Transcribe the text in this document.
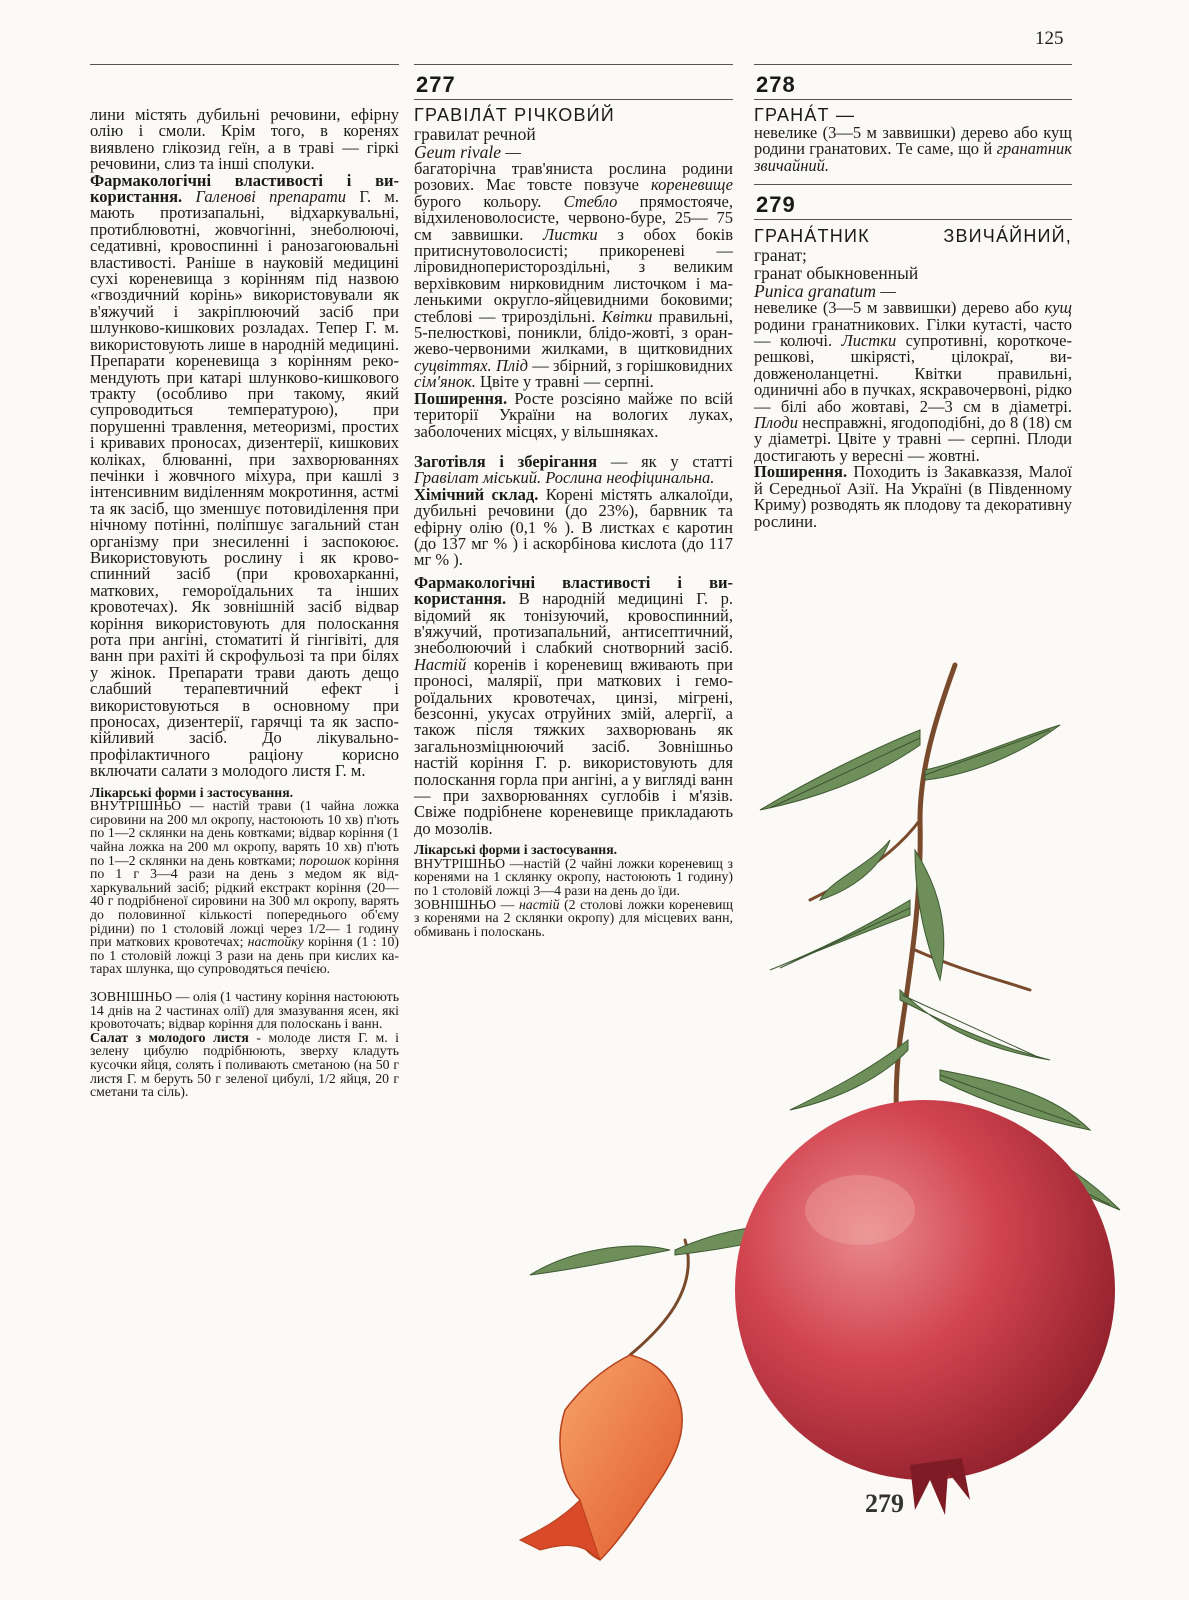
125

лини містять дубильні речовини, ефірну олію і смоли. Крім того, в коренях виявлено глікозид геїн, а в траві — гіркі речовини, слиз та інші сполуки.

Фармакологічні властивості і використання. Галенові препарати Г. м. мають протизапальні, відхаркувальні, протиблювотні, жовчогінні, знеболюючі, седативні, кровоспинні і ранозагоювальні властивості. Раніше в науковій медицині сухі кореневища з корінням під назвою «гвоздичний корінь» використовували як в'яжучий і закріплюючий засіб при шлунково-кишкових розладах. Тепер Г. м. використовують лише в народній медицині. Препарати кореневища з корінням рекомендують при катарі шлунково-кишкового тракту (особливо при такому, який супроводиться температурою), при порушенні травлення, метеоризмі, простих і кривавих проносах, дизентерії, кишкових коліках, блюванні, при захворюваннях печінки і жовчного міхура, при кашлі з інтенсивним виділенням мокротиння, астмі та як засіб, що зменшує потовиділення при нічному потінні, поліпшує загальний стан організму при знесиленні і заспокоює. Використовують рослину і як кровоспинний засіб (при кровохарканні, маткових, гемороїдальних та інших кровотечах). Як зовнішній засіб відвар коріння використовують для полоскання рота при ангіні, стоматиті й гінгівіті, для ванн при рахіті й скрофульозі та при білях у жінок. Препарати трави дають дещо слабший терапевтичний ефект і використовуються в основному при проносах, дизентерії, гарячці та як заспокійливий засіб. До лікувально-профілактичного раціону корисно включати салати з молодого листя Г. м.

Лікарські форми і застосування.

ВНУТРІШНЬО — настій трави (1 чайна ложка сировини на 200 мл окропу, настоюють 10 хв) п'ють по 1—2 склянки на день ковтками; відвар коріння (1 чайна ложка на 200 мл окропу, варять 10 хв) п'ють по 1—2 склянки на день ковтками; порошок коріння по 1 г 3—4 рази на день з медом як відхаркувальний засіб; рідкий екстракт коріння (20—40 г подрібненої сировини на 300 мл окропу, варять до половинної кількості попереднього об'єму рідини) по 1 столовій ложці через 1/2— 1 годину при маткових кровотечах; настойку коріння (1 : 10) по 1 столовій ложці 3 рази на день при кислих катарах шлунка, що супроводяться печією.

ЗОВНІШНЬО — олія (1 частину коріння настоюють 14 днів на 2 частинах олії) для змазування ясен, які кровоточать; відвар коріння для полоскань і ванн.

Салат з молодого листя - молоде листя Г. м. і зелену цибулю подрібнюють, зверху кладуть кусочки яйця, солять і поливають сметаною (на 50 г листя Г. м беруть 50 г зеленої цибулі, 1/2 яйця, 20 г сметани та сіль).

277
ГРАВІЛА́Т РІЧКОВИ́Й
гравилат речной
Geum rivale —

багаторічна трав'яниста рослина родини розових. Має товсте повзуче кореневище бурого кольору. Стебло прямостояче, відхиленоволосисте, червоно-буре, 25— 75 см заввишки. Листки з обох боків притиснутоволосисті; прикореневі — ліровидноперистороздільні, з великим верхівковим нирковидним листочком і маленькими округло-яйцевидними боковими; стеблові — трироздільні. Квітки правильні, 5-пелюсткові, поникли, блідо-жовті, з оранжево-червоними жилками, в щитковидних суцвіттях. Плід — збірний, з горішковидних сім'янок. Цвіте у травні — серпні.

Поширення. Росте розсіяно майже по всій території України на вологих луках, заболочених місцях, у вільшняках.

Заготівля і зберігання — як у статті Гравілат міський. Рослина неофіцинальна.

Хімічний склад. Корені містять алкалоїди, дубильні речовини (до 23%), барвник та ефірну олію (0,1 % ). В листках є каротин (до 137 мг % ) і аскорбінова кислота (до 117 мг % ).

Фармакологічні властивості і використання. В народній медицині Г. р. відомий як тонізуючий, кровоспинний, в'яжучий, протизапальний, антисептичний, знеболюючий і слабкий снотворний засіб. Настій коренів і кореневищ вживають при проносі, малярії, при маткових і гемороїдальних кровотечах, цинзі, мігрені, безсонні, укусах отруйних змій, алергії, а також після тяжких захворювань як загальнозміцнюючий засіб. Зовнішньо настій коріння Г. р. використовують для полоскання горла при ангіні, а у вигляді ванн — при захворюваннях суглобів і м'язів. Свіже подрібнене кореневище прикладають до мозолів.

Лікарські форми і застосування.

ВНУТРІШНЬО —настій (2 чайні ложки кореневищ з коренями на 1 склянку окропу, настоюють 1 годину) по 1 столовій ложці 3—4 рази на день до їди.

ЗОВНІШНЬО — настій (2 столові ложки кореневищ з коренями на 2 склянки окропу) для місцевих ванн, обмивань і полоскань.

278
ГРАНА́Т —

невелике (3—5 м заввишки) дерево або кущ родини гранатових. Те саме, що й гранатник звичайний.

279
ГРАНА́ТНИК ЗВИЧА́ЙНИЙ,
гранат;
гранат обыкновенный
Punica granatum —

невелике (3—5 м заввишки) дерево або кущ родини гранатникових. Гілки кутасті, часто — колючі. Листки супротивні, короткочерешкові, шкірясті, цілокраї, видовженоланцетні. Квітки правильні, одиничні або в пучках, яскравочервоні, рідко — білі або жовтаві, 2—3 см в діаметрі. Плоди несправжні, ягодоподібні, до 8 (18) см у діаметрі. Цвіте у травні — серпні. Плоди достигають у вересні — жовтні.

Поширення. Походить із Закавказзя, Малої й Середньої Азії. На Україні (в Південному Криму) розводять як плодову та декоративну рослини.

279
